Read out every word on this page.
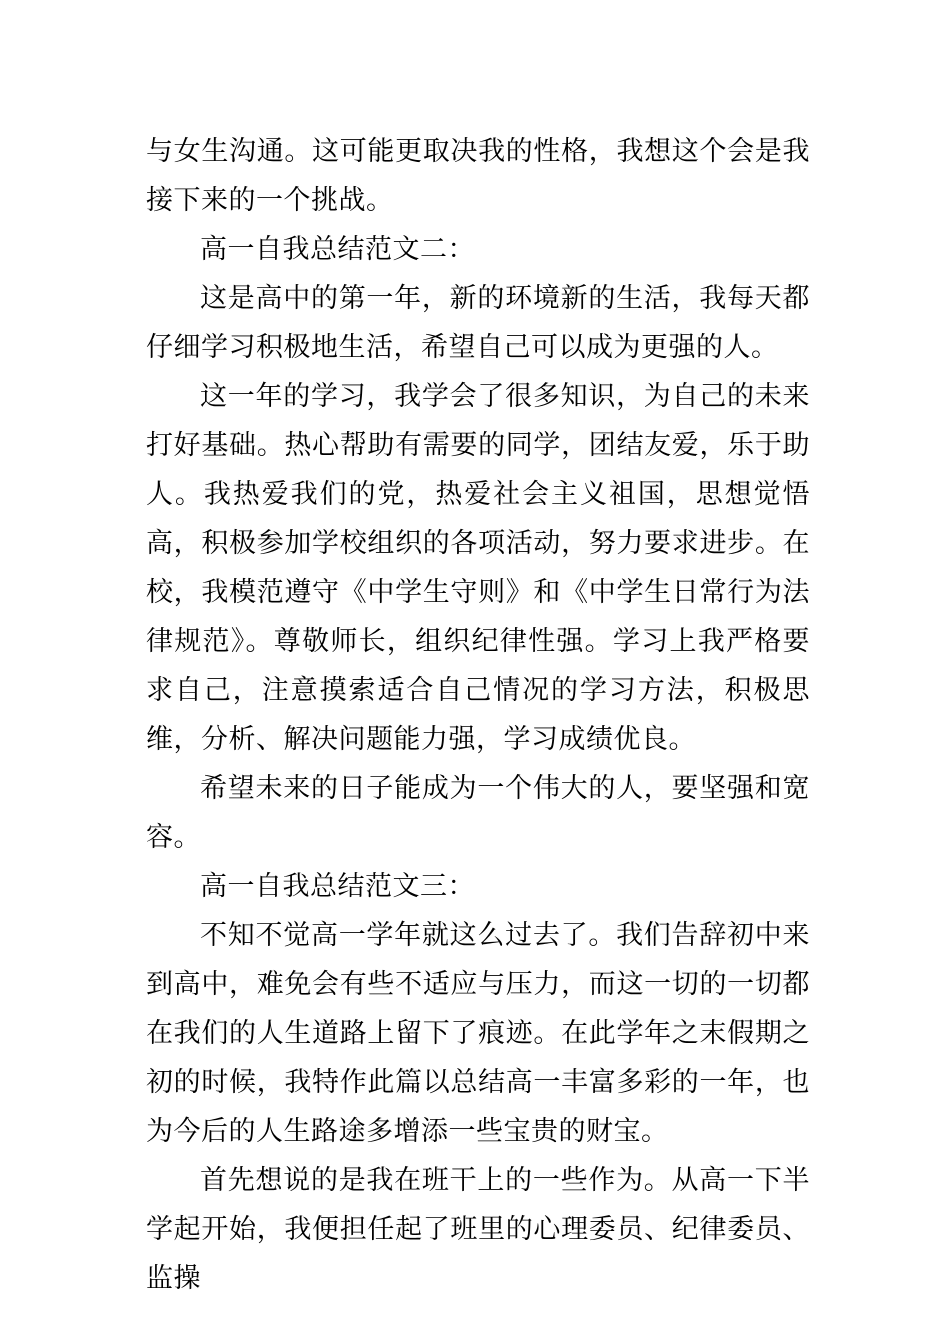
与女生沟通。这可能更取决我的性格，我想这个会是我接下来的一个挑战。

高一自我总结范文二：

这是高中的第一年，新的环境新的生活，我每天都仔细学习积极地生活，希望自己可以成为更强的人。

这一年的学习，我学会了很多知识，为自己的未来打好基础。热心帮助有需要的同学，团结友爱，乐于助人。我热爱我们的党，热爱社会主义祖国，思想觉悟高，积极参加学校组织的各项活动，努力要求进步。在校，我模范遵守《中学生守则》和《中学生日常行为法律规范》。尊敬师长，组织纪律性强。学习上我严格要求自己，注意摸索适合自己情况的学习方法，积极思维，分析、解决问题能力强，学习成绩优良。

希望未来的日子能成为一个伟大的人，要坚强和宽容。

高一自我总结范文三：

不知不觉高一学年就这么过去了。我们告辞初中来到高中，难免会有些不适应与压力，而这一切的一切都在我们的人生道路上留下了痕迹。在此学年之末假期之初的时候，我特作此篇以总结高一丰富多彩的一年，也为今后的人生路途多增添一些宝贵的财宝。

首先想说的是我在班干上的一些作为。从高一下半学起开始，我便担任起了班里的心理委员、纪律委员、监操
